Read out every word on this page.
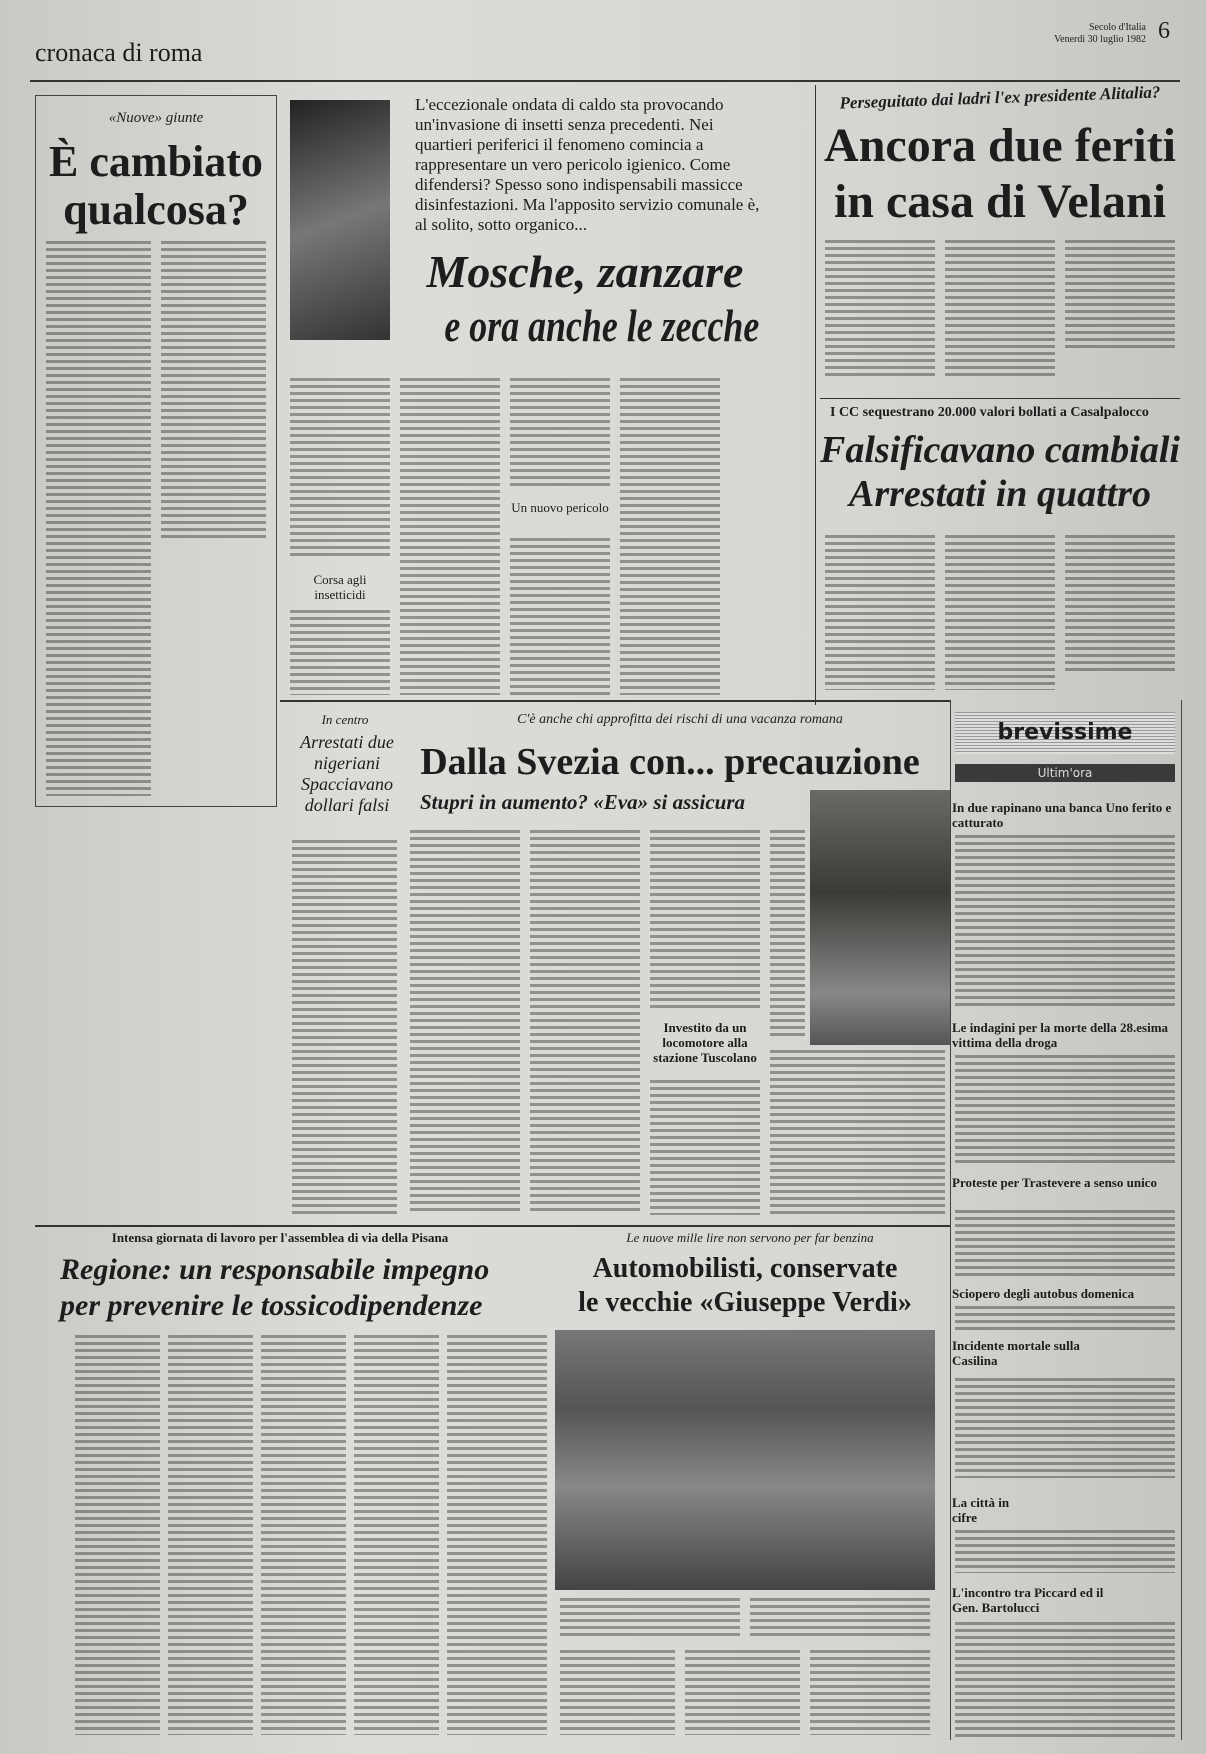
cronaca di roma
Secolo d'Italia
Venerdì 30 luglio 1982 6
«Nuove» giunte
È cambiato qualcosa?
L'eccezionale ondata di caldo sta provocando un'invasione di insetti senza precedenti. Nei quartieri periferici il fenomeno comincia a rappresentare un vero pericolo igienico. Come difendersi? Spesso sono indispensabili massicce disinfestazioni. Ma l'apposito servizio comunale è, al solito, sotto organico...
Mosche, zanzare
e ora anche le zecche
Corsa agli insetticidi
Un nuovo pericolo
Perseguitato dai ladri l'ex presidente Alitalia?
Ancora due feriti
in casa di Velani
I CC sequestrano 20.000 valori bollati a Casalpalocco
Falsificavano cambiali
Arrestati in quattro
In centro
Arrestati due nigeriani Spacciavano dollari falsi
C'è anche chi approfitta dei rischi di una vacanza romana
Dalla Svezia con... precauzione
Stupri in aumento? «Eva» si assicura
Investito da un locomotore alla stazione Tuscolano
brevissime
Ultim'ora
In due rapinano una banca Uno ferito e catturato
Le indagini per la morte della 28.esima vittima della droga
Proteste per Trastevere a senso unico
Sciopero degli autobus domenica
Incidente mortale sulla Casilina
La città in cifre
L'incontro tra Piccard ed il Gen. Bartolucci
Intensa giornata di lavoro per l'assemblea di via della Pisana
Regione: un responsabile impegno per prevenire le tossicodipendenze
Le nuove mille lire non servono per far benzina
Automobilisti, conservate
le vecchie «Giuseppe Verdi»
